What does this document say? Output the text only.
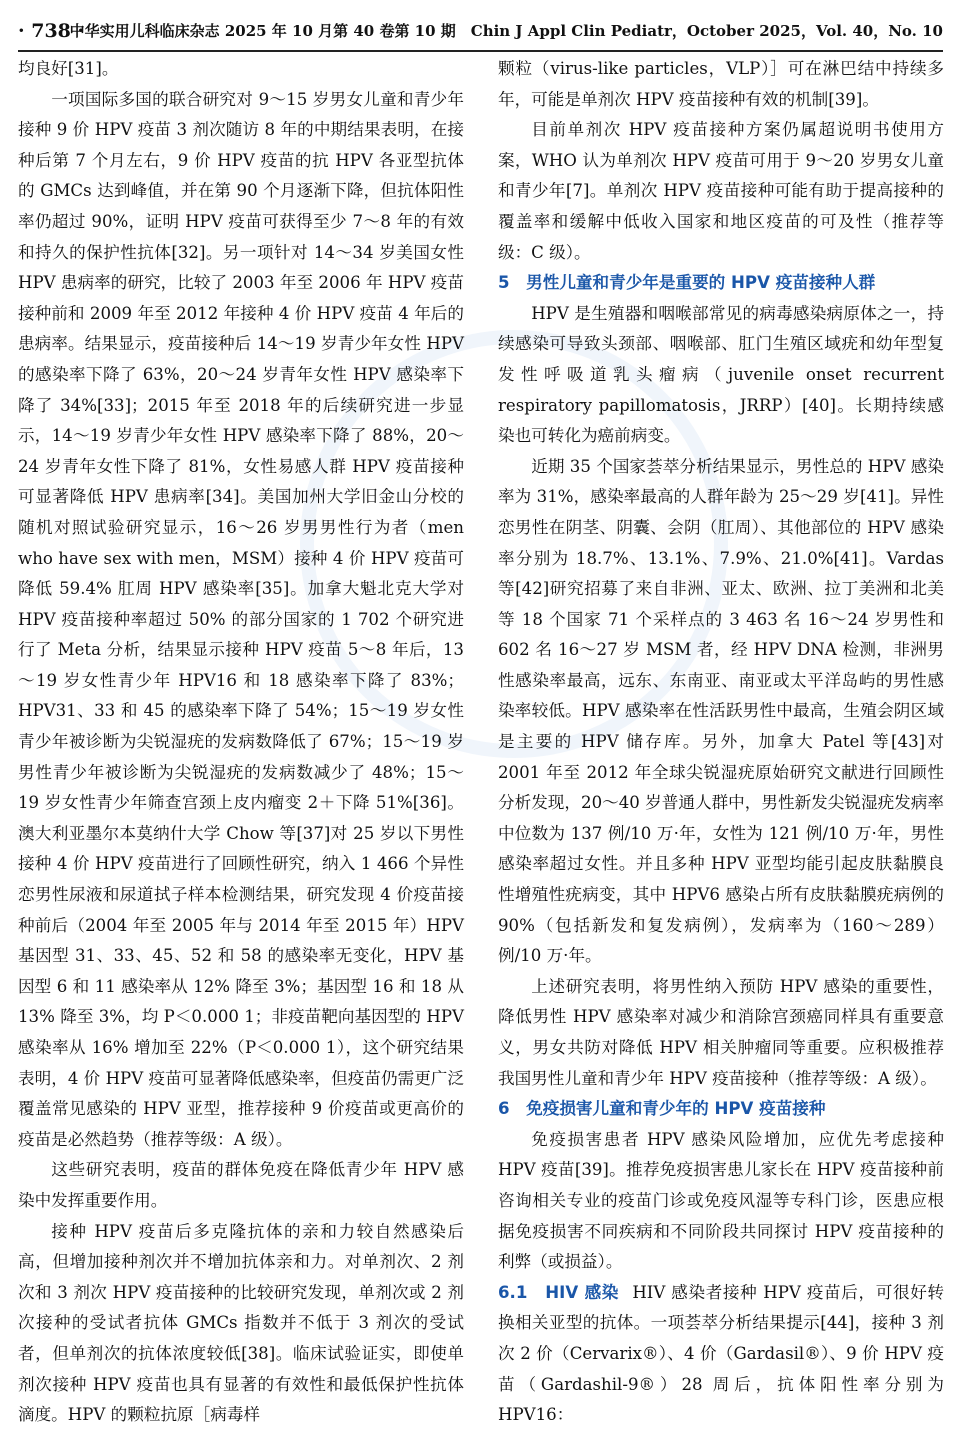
· 738 ·
中华实用儿科临床杂志 2025 年 10 月第 40 卷第 10 期　Chin J Appl Clin Pediatr，October 2025，Vol. 40，No. 10

均良好[31]。

一项国际多国的联合研究对 9～15 岁男女儿童和青少年接种 9 价 HPV 疫苗 3 剂次随访 8 年的中期结果表明，在接种后第 7 个月左右，9 价 HPV 疫苗的抗 HPV 各亚型抗体的 GMCs 达到峰值，并在第 90 个月逐渐下降，但抗体阳性率仍超过 90%，证明 HPV 疫苗可获得至少 7～8 年的有效和持久的保护性抗体[32]。另一项针对 14～34 岁美国女性 HPV 患病率的研究，比较了 2003 年至 2006 年 HPV 疫苗接种前和 2009 年至 2012 年接种 4 价 HPV 疫苗 4 年后的患病率。结果显示，疫苗接种后 14～19 岁青少年女性 HPV 的感染率下降了 63%，20～24 岁青年女性 HPV 感染率下降了 34%[33]；2015 年至 2018 年的后续研究进一步显示，14～19 岁青少年女性 HPV 感染率下降了 88%，20～24 岁青年女性下降了 81%，女性易感人群 HPV 疫苗接种可显著降低 HPV 患病率[34]。美国加州大学旧金山分校的随机对照试验研究显示，16～26 岁男男性行为者（men who have sex with men，MSM）接种 4 价 HPV 疫苗可降低 59.4% 肛周 HPV 感染率[35]。加拿大魁北克大学对 HPV 疫苗接种率超过 50% 的部分国家的 1 702 个研究进行了 Meta 分析，结果显示接种 HPV 疫苗 5～8 年后，13～19 岁女性青少年 HPV16 和 18 感染率下降了 83%；HPV31、33 和 45 的感染率下降了 54%；15～19 岁女性青少年被诊断为尖锐湿疣的发病数降低了 67%；15～19 岁男性青少年被诊断为尖锐湿疣的发病数减少了 48%；15～19 岁女性青少年筛查宫颈上皮内瘤变 2＋下降 51%[36]。澳大利亚墨尔本莫纳什大学 Chow 等[37]对 25 岁以下男性接种 4 价 HPV 疫苗进行了回顾性研究，纳入 1 466 个异性恋男性尿液和尿道拭子样本检测结果，研究发现 4 价疫苗接种前后（2004 年至 2005 年与 2014 年至 2015 年）HPV 基因型 31、33、45、52 和 58 的感染率无变化，HPV 基因型 6 和 11 感染率从 12% 降至 3%；基因型 16 和 18 从 13% 降至 3%，均 P＜0.000 1；非疫苗靶向基因型的 HPV 感染率从 16% 增加至 22%（P＜0.000 1），这个研究结果表明，4 价 HPV 疫苗可显著降低感染率，但疫苗仍需更广泛覆盖常见感染的 HPV 亚型，推荐接种 9 价疫苗或更高价的疫苗是必然趋势（推荐等级：A 级）。

这些研究表明，疫苗的群体免疫在降低青少年 HPV 感染中发挥重要作用。

接种 HPV 疫苗后多克隆抗体的亲和力较自然感染后高，但增加接种剂次并不增加抗体亲和力。对单剂次、2 剂次和 3 剂次 HPV 疫苗接种的比较研究发现，单剂次或 2 剂次接种的受试者抗体 GMCs 指数并不低于 3 剂次的受试者，但单剂次的抗体浓度较低[38]。临床试验证实，即使单剂次接种 HPV 疫苗也具有显著的有效性和最低保护性抗体滴度。HPV 的颗粒抗原［病毒样

颗粒（virus-like particles，VLP）］可在淋巴结中持续多年，可能是单剂次 HPV 疫苗接种有效的机制[39]。

目前单剂次 HPV 疫苗接种方案仍属超说明书使用方案，WHO 认为单剂次 HPV 疫苗可用于 9～20 岁男女儿童和青少年[7]。单剂次 HPV 疫苗接种可能有助于提高接种的覆盖率和缓解中低收入国家和地区疫苗的可及性（推荐等级：C 级）。

5　男性儿童和青少年是重要的 HPV 疫苗接种人群

HPV 是生殖器和咽喉部常见的病毒感染病原体之一，持续感染可导致头颈部、咽喉部、肛门生殖区域疣和幼年型复发性呼吸道乳头瘤病（juvenile onset recurrent respiratory papillomatosis，JRRP）[40]。长期持续感染也可转化为癌前病变。

近期 35 个国家荟萃分析结果显示，男性总的 HPV 感染率为 31%，感染率最高的人群年龄为 25～29 岁[41]。异性恋男性在阴茎、阴囊、会阴（肛周）、其他部位的 HPV 感染率分别为 18.7%、13.1%、7.9%、21.0%[41]。Vardas 等[42]研究招募了来自非洲、亚太、欧洲、拉丁美洲和北美等 18 个国家 71 个采样点的 3 463 名 16～24 岁男性和 602 名 16～27 岁 MSM 者，经 HPV DNA 检测，非洲男性感染率最高，远东、东南亚、南亚或太平洋岛屿的男性感染率较低。HPV 感染率在性活跃男性中最高，生殖会阴区域是主要的 HPV 储存库。另外，加拿大 Patel 等[43]对 2001 年至 2012 年全球尖锐湿疣原始研究文献进行回顾性分析发现，20～40 岁普通人群中，男性新发尖锐湿疣发病率中位数为 137 例/10 万·年，女性为 121 例/10 万·年，男性感染率超过女性。并且多种 HPV 亚型均能引起皮肤黏膜良性增殖性疣病变，其中 HPV6 感染占所有皮肤黏膜疣病例的 90%（包括新发和复发病例），发病率为（160～289）例/10 万·年。

上述研究表明，将男性纳入预防 HPV 感染的重要性，降低男性 HPV 感染率对减少和消除宫颈癌同样具有重要意义，男女共防对降低 HPV 相关肿瘤同等重要。应积极推荐我国男性儿童和青少年 HPV 疫苗接种（推荐等级：A 级）。

6　免疫损害儿童和青少年的 HPV 疫苗接种

免疫损害患者 HPV 感染风险增加，应优先考虑接种 HPV 疫苗[39]。推荐免疫损害患儿家长在 HPV 疫苗接种前咨询相关专业的疫苗门诊或免疫风湿等专科门诊，医患应根据免疫损害不同疾病和不同阶段共同探讨 HPV 疫苗接种的利弊（或损益）。

6.1　HIV 感染 HIV 感染者接种 HPV 疫苗后，可很好转换相关亚型的抗体。一项荟萃分析结果提示[44]，接种 3 剂次 2 价（Cervarix®）、4 价（Gardasil®）、9 价 HPV 疫苗（Gardashil-9®）28 周后，抗体阳性率分别为 HPV16：
